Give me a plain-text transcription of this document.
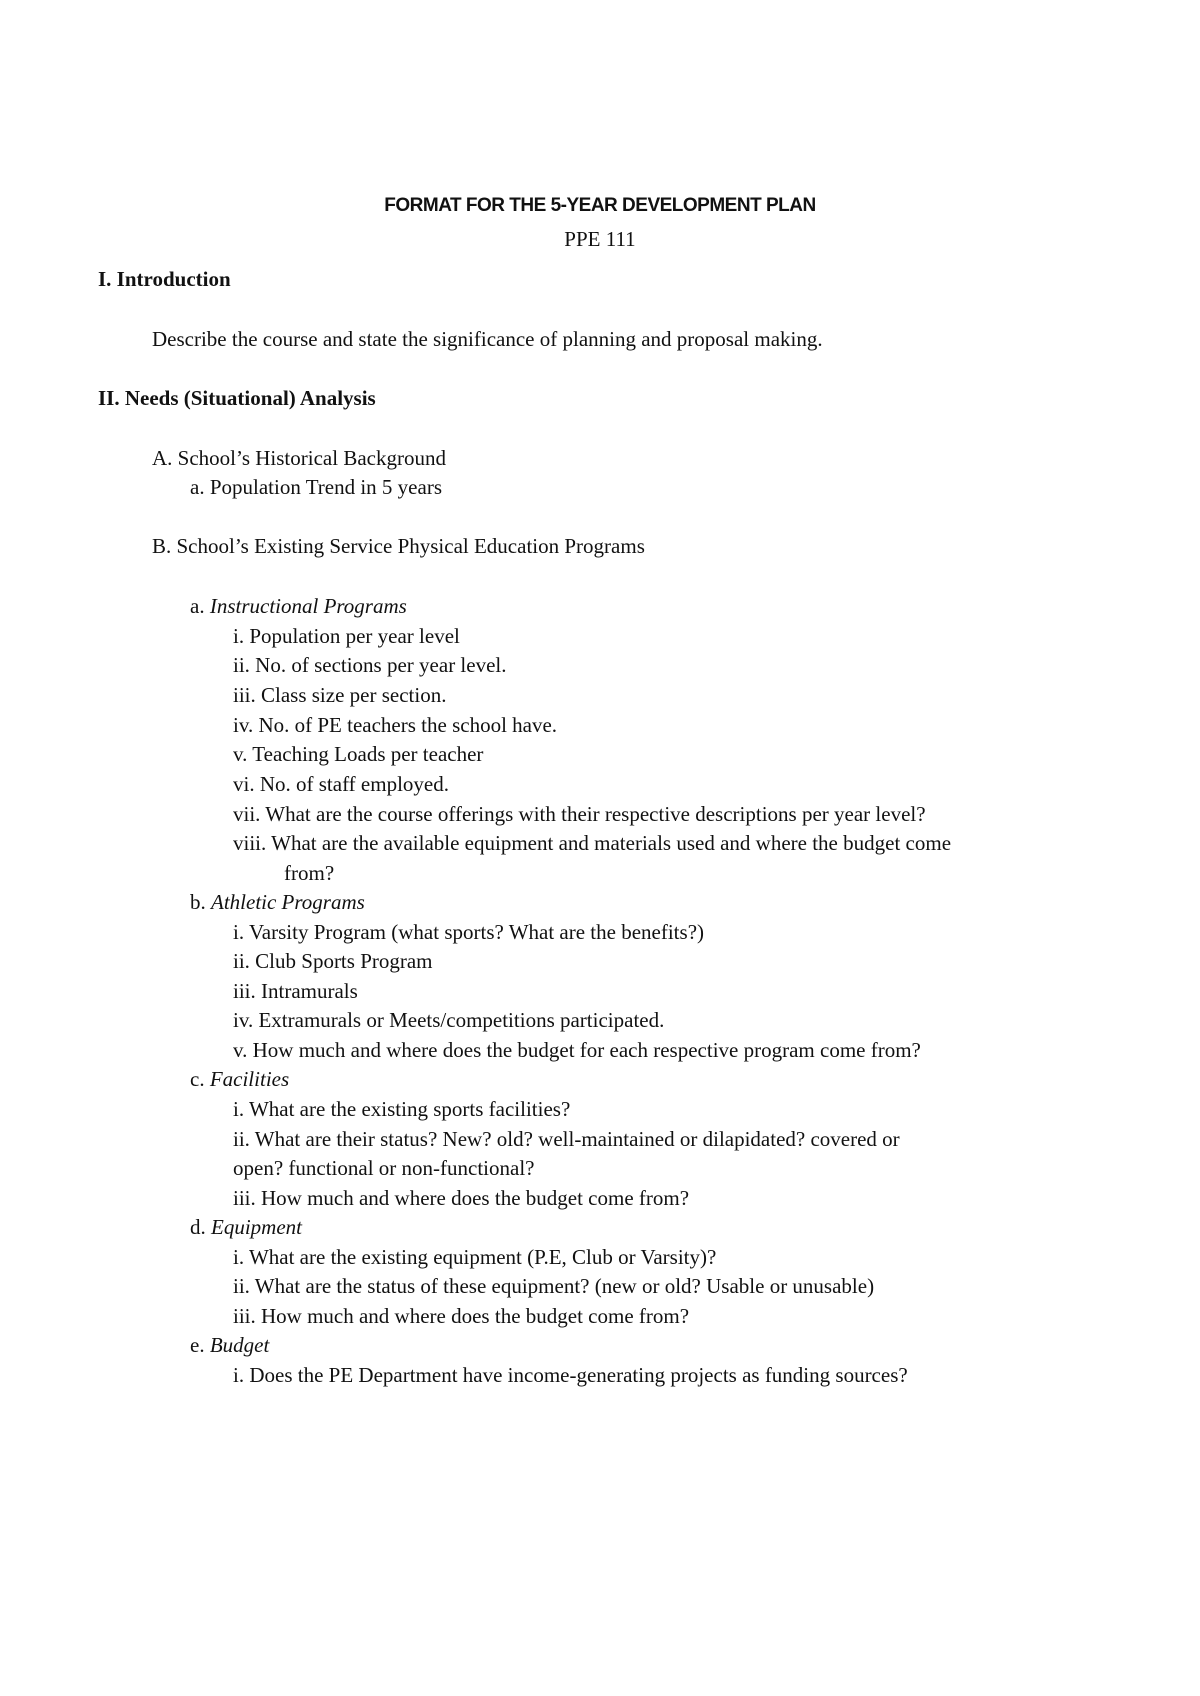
FORMAT FOR THE 5-YEAR DEVELOPMENT PLAN

PPE 111

I. Introduction

Describe the course and state the significance of planning and proposal making.

II. Needs (Situational) Analysis

A. School’s Historical Background

a. Population Trend in 5 years

B. School’s Existing Service Physical Education Programs

a. Instructional Programs

i. Population per year level

ii. No. of sections per year level.

iii. Class size per section.

iv. No. of PE teachers the school have.

v. Teaching Loads per teacher

vi. No. of staff employed.

vii. What are the course offerings with their respective descriptions per year level?

viii. What are the available equipment and materials used and where the budget come

from?

b. Athletic Programs

i. Varsity Program (what sports? What are the benefits?)

ii. Club Sports Program

iii. Intramurals

iv. Extramurals or Meets/competitions participated.

v. How much and where does the budget for each respective program come from?

c. Facilities

i. What are the existing sports facilities?

ii. What are their status? New? old? well-maintained or dilapidated? covered or

open? functional or non-functional?

iii. How much and where does the budget come from?

d. Equipment

i. What are the existing equipment (P.E, Club or Varsity)?

ii. What are the status of these equipment? (new or old? Usable or unusable)

iii. How much and where does the budget come from?

e. Budget

i. Does the PE Department have income-generating projects as funding sources?
